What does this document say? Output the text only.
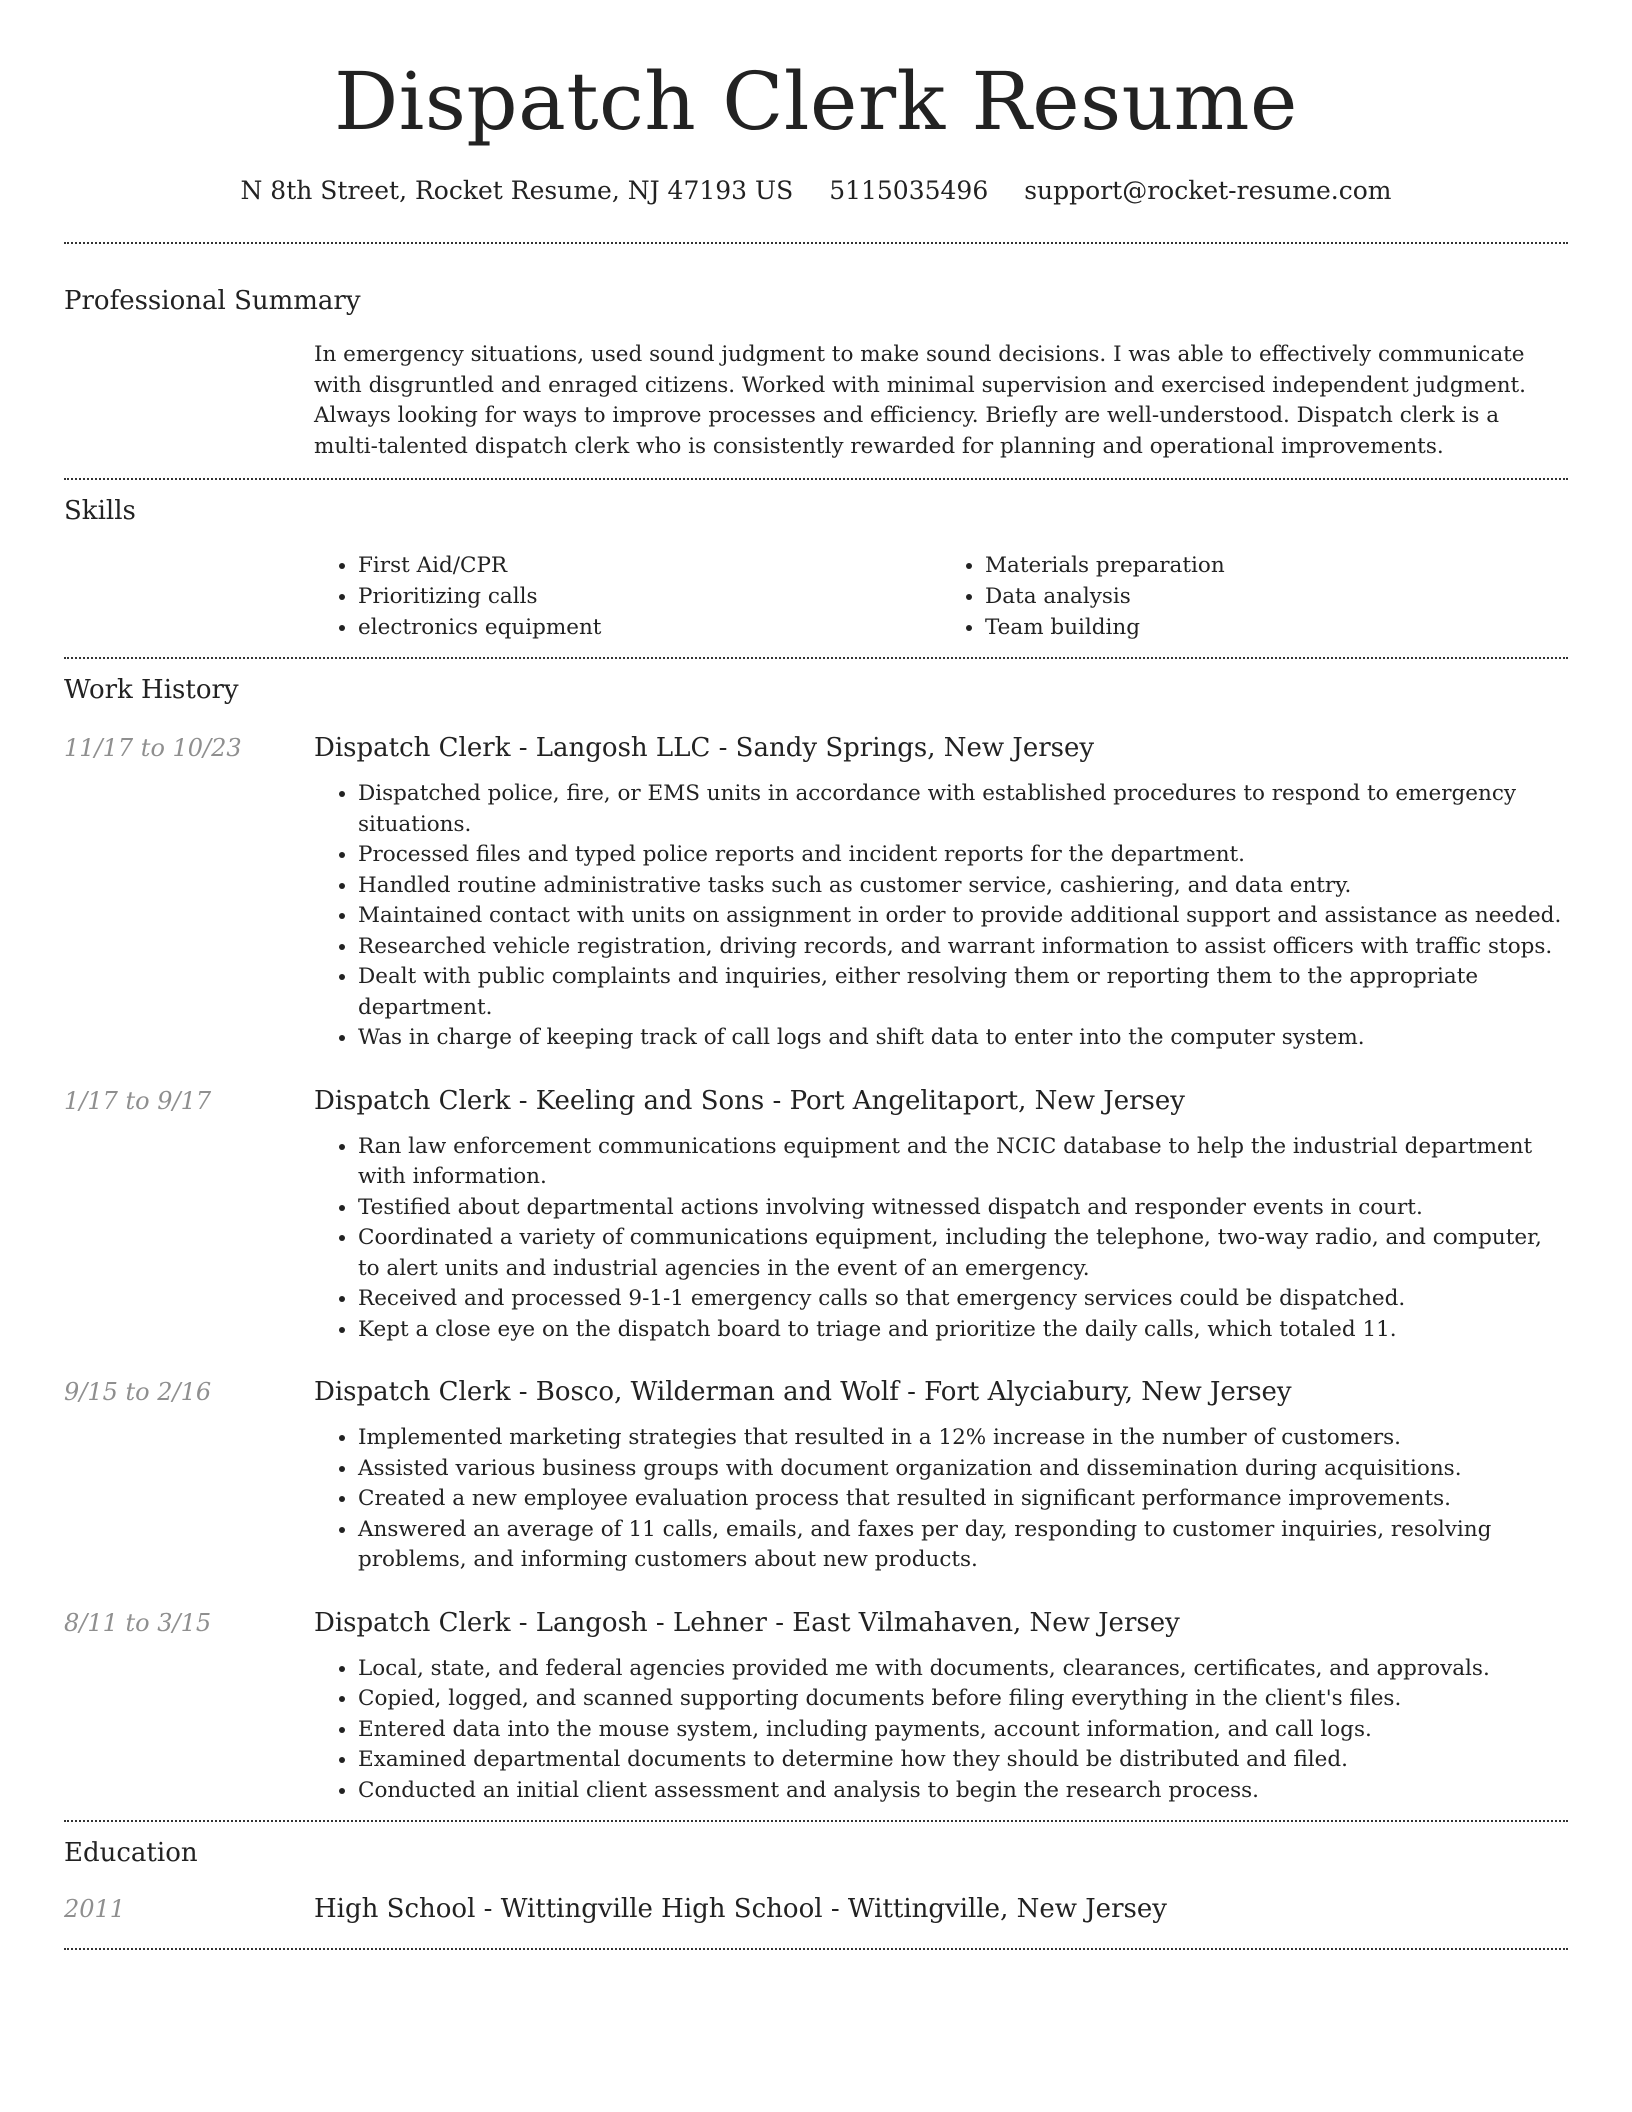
Dispatch Clerk Resume
N 8th Street, Rocket Resume, NJ 47193 US 5115035496 support@rocket-resume.com
Professional Summary
In emergency situations, used sound judgment to make sound decisions. I was able to effectively communicate with disgruntled and enraged citizens. Worked with minimal supervision and exercised independent judgment. Always looking for ways to improve processes and efficiency. Briefly are well-understood. Dispatch clerk is a multi-talented dispatch clerk who is consistently rewarded for planning and operational improvements.
Skills
• First Aid/CPR
• Prioritizing calls
• electronics equipment
• Materials preparation
• Data analysis
• Team building
Work History
11/17 to 10/23	Dispatch Clerk - Langosh LLC - Sandy Springs, New Jersey
• Dispatched police, fire, or EMS units in accordance with established procedures to respond to emergency situations.
• Processed files and typed police reports and incident reports for the department.
• Handled routine administrative tasks such as customer service, cashiering, and data entry.
• Maintained contact with units on assignment in order to provide additional support and assistance as needed.
• Researched vehicle registration, driving records, and warrant information to assist officers with traffic stops.
• Dealt with public complaints and inquiries, either resolving them or reporting them to the appropriate department.
• Was in charge of keeping track of call logs and shift data to enter into the computer system.
1/17 to 9/17	Dispatch Clerk - Keeling and Sons - Port Angelitaport, New Jersey
• Ran law enforcement communications equipment and the NCIC database to help the industrial department with information.
• Testified about departmental actions involving witnessed dispatch and responder events in court.
• Coordinated a variety of communications equipment, including the telephone, two-way radio, and computer, to alert units and industrial agencies in the event of an emergency.
• Received and processed 9-1-1 emergency calls so that emergency services could be dispatched.
• Kept a close eye on the dispatch board to triage and prioritize the daily calls, which totaled 11.
9/15 to 2/16	Dispatch Clerk - Bosco, Wilderman and Wolf - Fort Alyciabury, New Jersey
• Implemented marketing strategies that resulted in a 12% increase in the number of customers.
• Assisted various business groups with document organization and dissemination during acquisitions.
• Created a new employee evaluation process that resulted in significant performance improvements.
• Answered an average of 11 calls, emails, and faxes per day, responding to customer inquiries, resolving problems, and informing customers about new products.
8/11 to 3/15	Dispatch Clerk - Langosh - Lehner - East Vilmahaven, New Jersey
• Local, state, and federal agencies provided me with documents, clearances, certificates, and approvals.
• Copied, logged, and scanned supporting documents before filing everything in the client's files.
• Entered data into the mouse system, including payments, account information, and call logs.
• Examined departmental documents to determine how they should be distributed and filed.
• Conducted an initial client assessment and analysis to begin the research process.
Education
2011	High School - Wittingville High School - Wittingville, New Jersey
